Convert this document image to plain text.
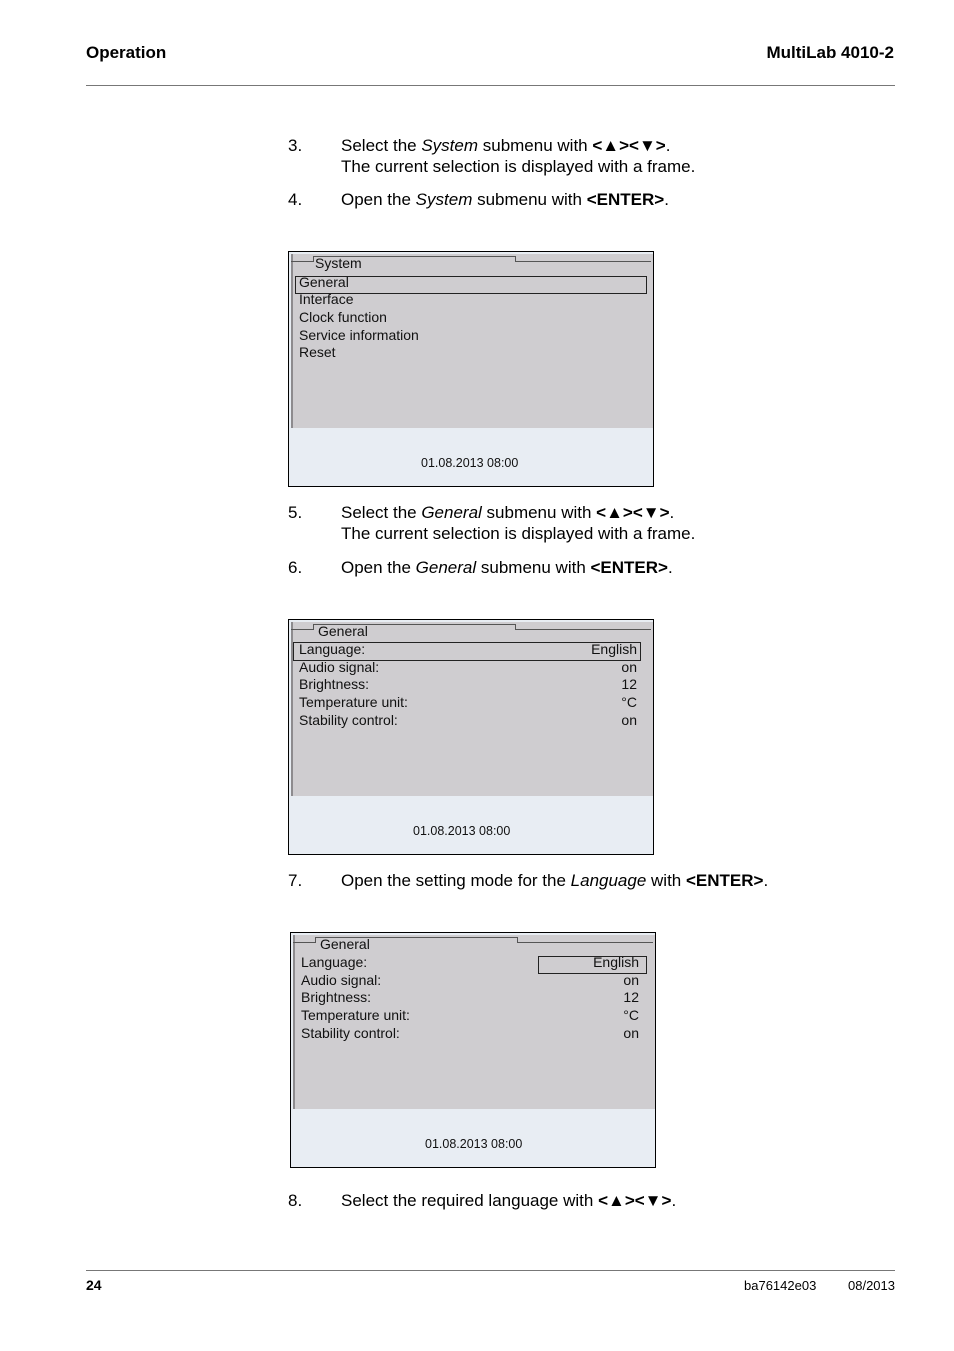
Operation	MultiLab 4010-2
3. Select the System submenu with <▲><▼>.
The current selection is displayed with a frame.
4. Open the System submenu with <ENTER>.
System
General
Interface
Clock function
Service information
Reset
01.08.2013 08:00
5. Select the General submenu with <▲><▼>.
The current selection is displayed with a frame.
6. Open the General submenu with <ENTER>.
General
Language:	English
Audio signal:	on
Brightness:	12
Temperature unit:	°C
Stability control:	on
01.08.2013 08:00
7. Open the setting mode for the Language with <ENTER>.
General
Language:	English
Audio signal:	on
Brightness:	12
Temperature unit:	°C
Stability control:	on
01.08.2013 08:00
8. Select the required language with <▲><▼>.
24	ba76142e03 08/2013
